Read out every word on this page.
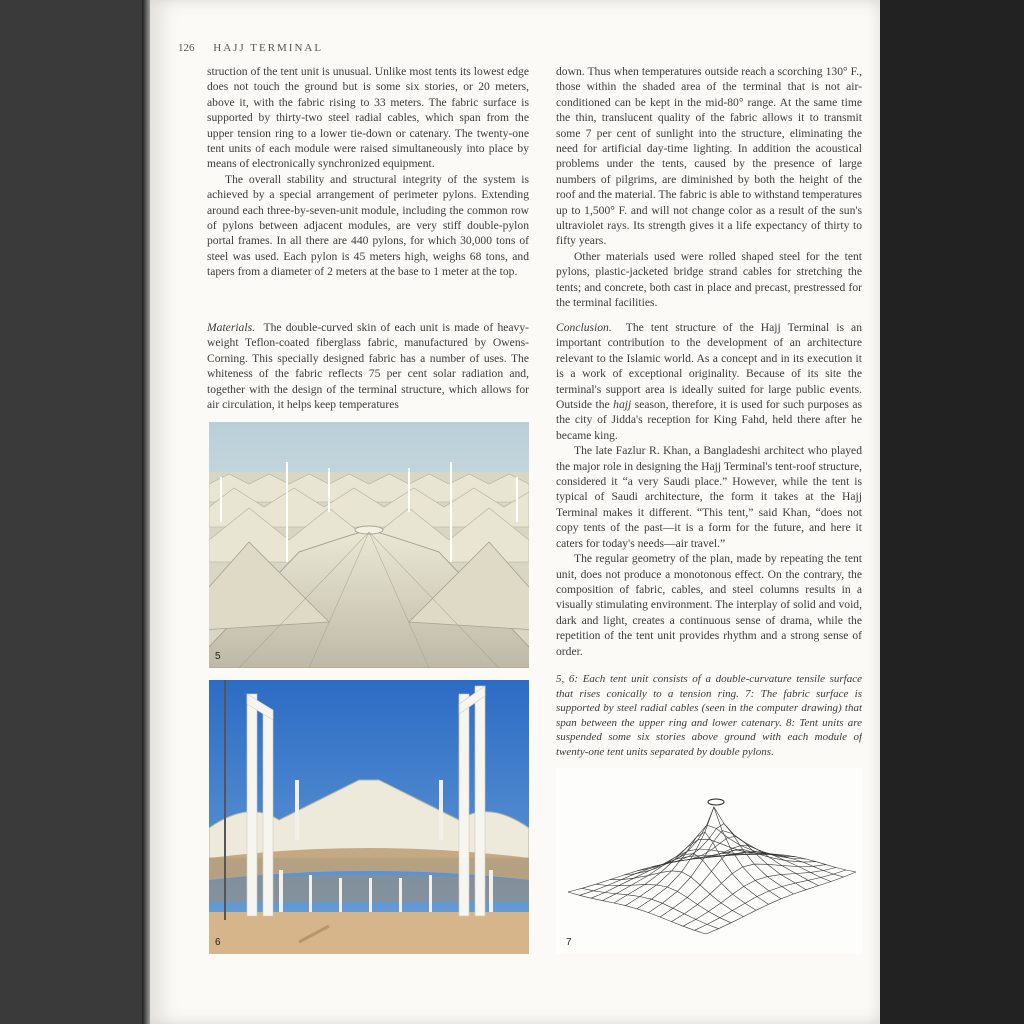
126 HAJJ TERMINAL

struction of the tent unit is unusual. Unlike most tents its lowest edge does not touch the ground but is some six stories, or 20 meters, above it, with the fabric rising to 33 meters. The fabric surface is supported by thirty-two steel radial cables, which span from the upper tension ring to a lower tie-down or catenary. The twenty-one tent units of each module were raised simultaneously into place by means of electronically synchronized equipment.

The overall stability and structural integrity of the system is achieved by a special arrangement of perimeter pylons. Extending around each three-by-seven-unit module, including the common row of pylons between adjacent modules, are very stiff double-pylon portal frames. In all there are 440 pylons, for which 30,000 tons of steel was used. Each pylon is 45 meters high, weighs 68 tons, and tapers from a diameter of 2 meters at the base to 1 meter at the top.

Materials. The double-curved skin of each unit is made of heavy-weight Teflon-coated fiberglass fabric, manufactured by Owens-Corning. This specially designed fabric has a number of uses. The whiteness of the fabric reflects 75 per cent solar radiation and, together with the design of the terminal structure, which allows for air circulation, it helps keep temperatures

down. Thus when temperatures outside reach a scorching 130° F., those within the shaded area of the terminal that is not air-conditioned can be kept in the mid-80° range. At the same time the thin, translucent quality of the fabric allows it to transmit some 7 per cent of sunlight into the structure, eliminating the need for artificial day-time lighting. In addition the acoustical problems under the tents, caused by the presence of large numbers of pilgrims, are diminished by both the height of the roof and the material. The fabric is able to withstand temperatures up to 1,500° F. and will not change color as a result of the sun's ultraviolet rays. Its strength gives it a life expectancy of thirty to fifty years.

Other materials used were rolled shaped steel for the tent pylons, plastic-jacketed bridge strand cables for stretching the tents; and concrete, both cast in place and precast, prestressed for the terminal facilities.

Conclusion. The tent structure of the Hajj Terminal is an important contribution to the development of an architecture relevant to the Islamic world. As a concept and in its execution it is a work of exceptional originality. Because of its site the terminal's support area is ideally suited for large public events. Outside the hajj season, therefore, it is used for such purposes as the city of Jidda's reception for King Fahd, held there after he became king.

The late Fazlur R. Khan, a Bangladeshi architect who played the major role in designing the Hajj Terminal's tent-roof structure, considered it “a very Saudi place.” However, while the tent is typical of Saudi architecture, the form it takes at the Hajj Terminal makes it different. “This tent,” said Khan, “does not copy tents of the past—it is a form for the future, and here it caters for today's needs—air travel.”

The regular geometry of the plan, made by repeating the tent unit, does not produce a monotonous effect. On the contrary, the composition of fabric, cables, and steel columns results in a visually stimulating environment. The interplay of solid and void, dark and light, creates a continuous sense of drama, while the repetition of the tent unit provides rhythm and a strong sense of order.

5, 6: Each tent unit consists of a double-curvature tensile surface that rises conically to a tension ring. 7: The fabric surface is supported by steel radial cables (seen in the computer drawing) that span between the upper ring and lower catenary. 8: Tent units are suspended some six stories above ground with each module of twenty-one tent units separated by double pylons.
5
6	7
